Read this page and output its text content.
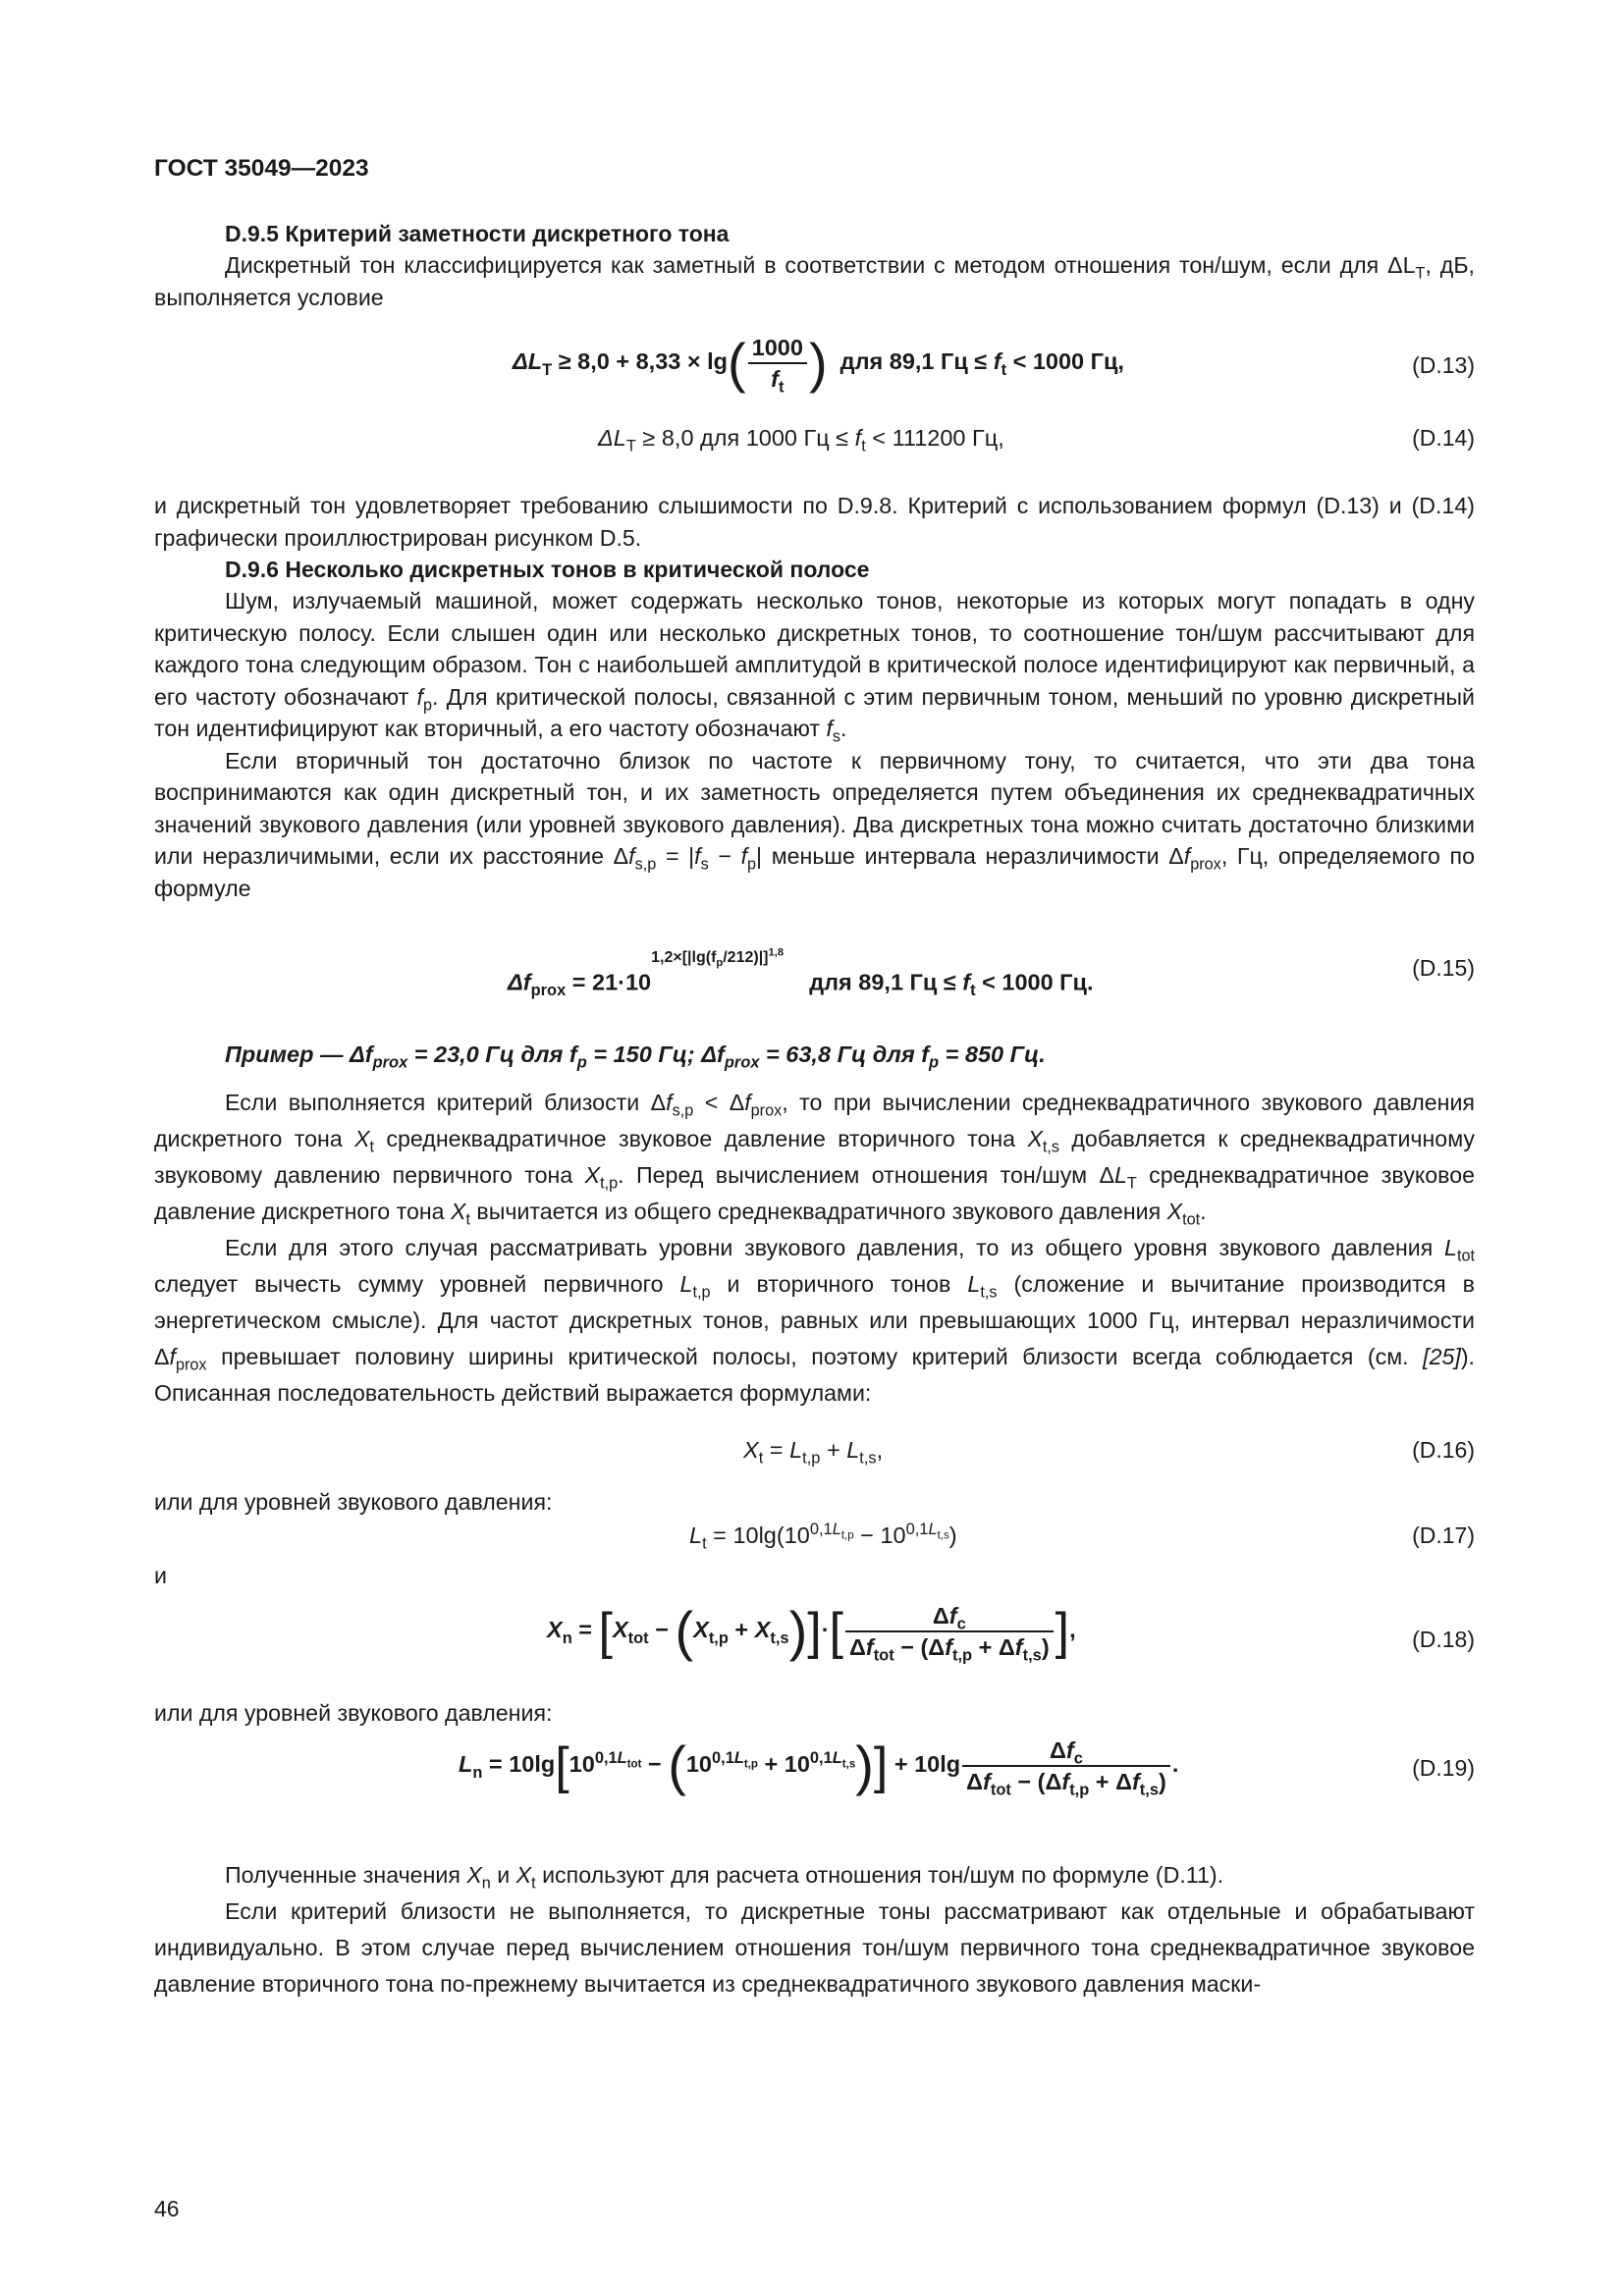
ГОСТ 35049—2023

D.9.5 Критерий заметности дискретного тона

Дискретный тон классифицируется как заметный в соответствии с методом отношения тон/шум, если для $\Delta L_T$, дБ, выполняется условие

$\Delta L_T \ge 8,0 + 8,33 \times \lg( \frac{1000}{f_t}$ ) для 89,1 Гц ≤ $f_t < 1000$ Гц,	(D.13)
$\Delta L_T \ge 8,0$ для 1000 Гц ≤ $f_t < 111200$ Гц,	(D.14)

и дискретный тон удовлетворяет требованию слышимости по D.9.8. Критерий с использованием формул (D.13) и (D.14) графически проиллюстрирован рисунком D.5.

D.9.6 Несколько дискретных тонов в критической полосе

Шум, излучаемый машиной, может содержать несколько тонов, некоторые из которых могут попадать в одну критическую полосу. Если слышен один или несколько дискретных тонов, то соотношение тон/шум рассчитывают для каждого тона следующим образом. Тон с наибольшей амплитудой в критической полосе идентифицируют как первичный, а его частоту обозначают $f_p$. Для критической полосы, связанной с этим первичным тоном, меньший по уровню дискретный тон идентифицируют как вторичный, а его частоту обозначают $f_s$.

Если вторичный тон достаточно близок по частоте к первичному тону, то считается, что эти два тона воспринимаются как один дискретный тон, и их заметность определяется путем объединения их среднеквадратичных значений звукового давления (или уровней звукового давления). Два дискретных тона можно считать достаточно близкими или неразличимыми, если их расстояние $\Delta f_{s,p} = |f_s - f_p|$ меньше интервала неразличимости $\Delta f_{prox}$, Гц, определяемого по формуле

$\Delta f_{prox} = 21\cdot 10^{1,2\times[|lg(f_p/212)|]^{1,8}}$    для 89,1 Гц ≤ $f_t < 1000$ Гц.
(D.15)

Пример — $\Delta f_{prox} = 23,0$ Гц для $f_p = 150$ Гц; $\Delta f_{prox} = 63,8$ Гц для $f_p = 850$ Гц.

Если выполняется критерий близости $\Delta f_{s,p} < \Delta f_{prox}$, то при вычислении среднеквадратичного звукового давления дискретного тона $X_t$ среднеквадратичное звуковое давление вторичного тона $X_{t,s}$ добавляется к среднеквадратичному звуковому давлению первичного тона $X_{t,p}$. Перед вычислением отношения тон/шум $\Delta L_T$ среднеквадратичное звуковое давление дискретного тона $X_t$ вычитается из общего среднеквадратичного звукового давления $X_{tot}$.

Если для этого случая рассматривать уровни звукового давления, то из общего уровня звукового давления $L_{tot}$ следует вычесть сумму уровней первичного $L_{t,p}$ и вторичного тонов $L_{t,s}$ (сложение и вычитание производится в энергетическом смысле). Для частот дискретных тонов, равных или превышающих 1000 Гц, интервал неразличимости $\Delta f_{prox}$ превышает половину ширины критической полосы, поэтому критерий близости всегда соблюдается (см. [25]). Описанная последовательность действий выражается формулами:

$X_t = L_{t,p} + L_{t,s}$,	(D.16)

или для уровней звукового давления:

$L_t = 10\lg(10^{0,1L_{t,p}} - 10^{0,1L_{t,s}})$	(D.17)

и

$X_n = [X_{tot} - (X_{t,p} + X_{t,s})]\cdot[ \frac{\Delta f_c}{\Delta f_{tot} - (\Delta f_{t,p} + \Delta f_{t,s})}$ ],	(D.18)

или для уровней звукового давления:

$L_n = 10\lg[10^{0,1L_{tot}} - (10^{0,1L_{t,p}} + 10^{0,1L_{t,s}})] + 10\lg \frac{\Delta f_c}{\Delta f_{tot} - (\Delta f_{t,p} + \Delta f_{t,s})}$ .	(D.19)

Полученные значения $X_n$ и $X_t$ используют для расчета отношения тон/шум по формуле (D.11).

Если критерий близости не выполняется, то дискретные тоны рассматривают как отдельные и обрабатывают индивидуально. В этом случае перед вычислением отношения тон/шум первичного тона среднеквадратичное звуковое давление вторичного тона по-прежнему вычитается из среднеквадратичного звукового давления маски-

46
